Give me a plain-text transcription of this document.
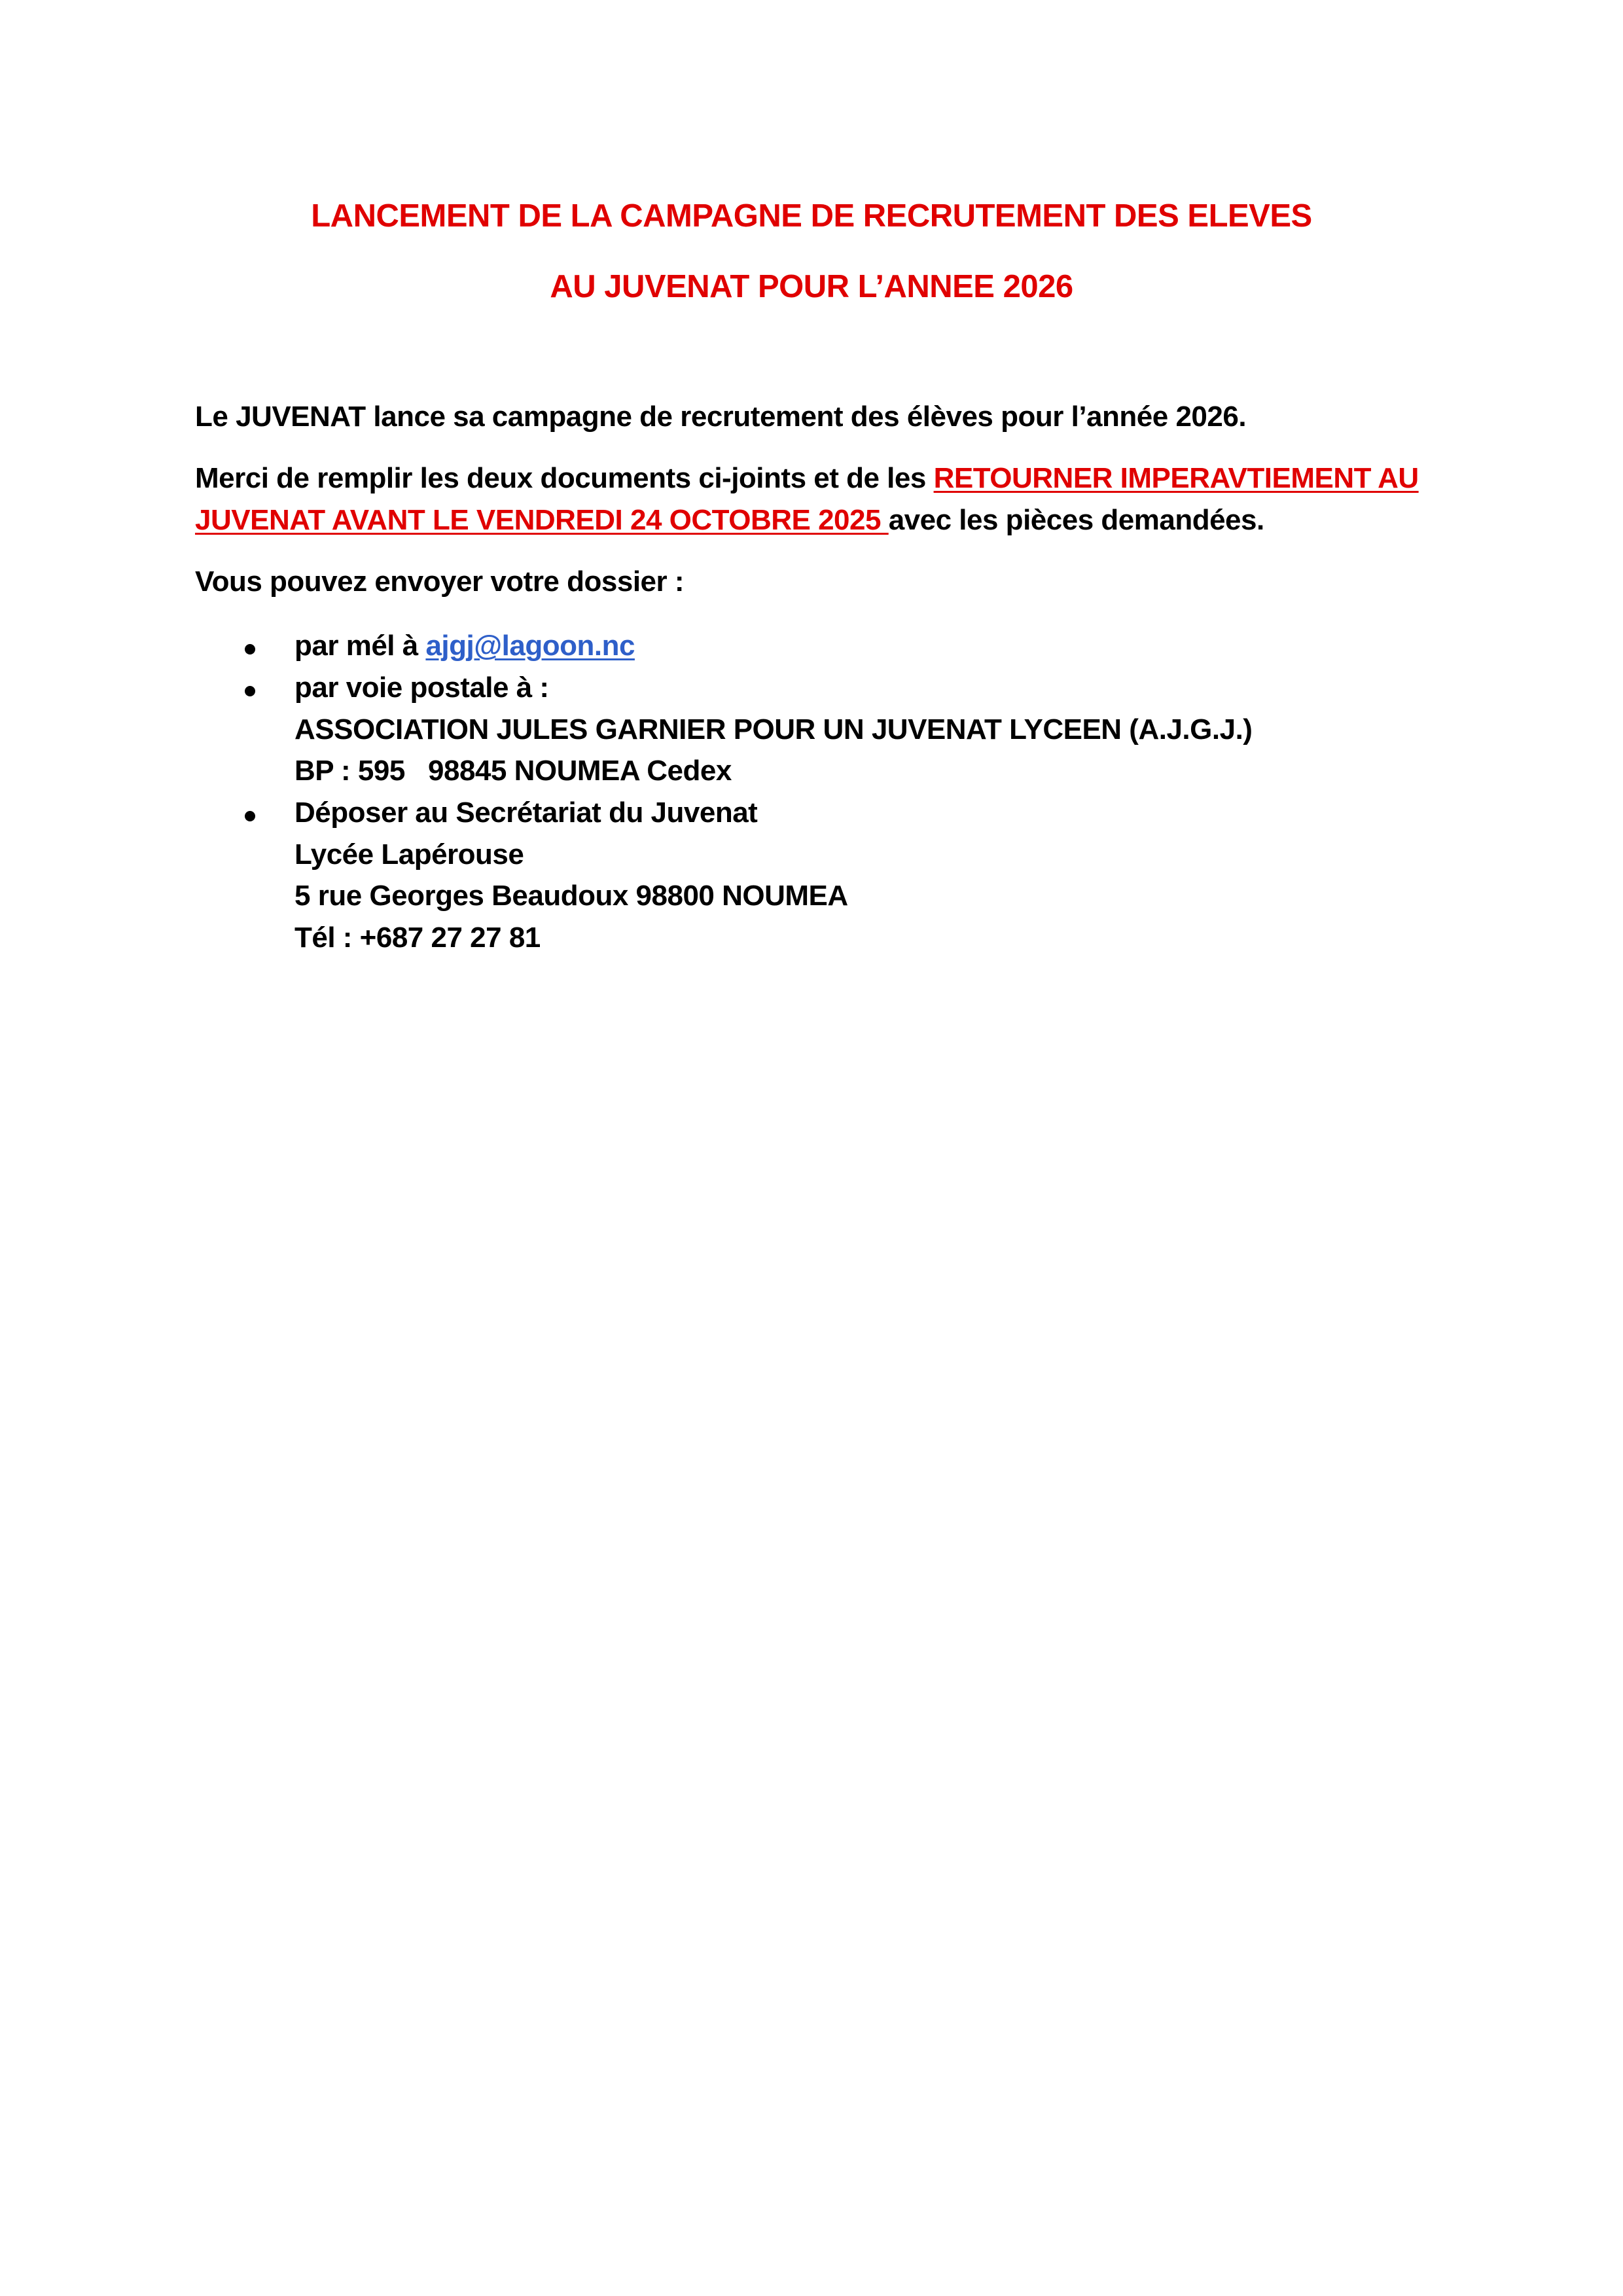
LANCEMENT DE LA CAMPAGNE DE RECRUTEMENT DES ELEVES
AU JUVENAT POUR L’ANNEE 2026
Le JUVENAT lance sa campagne de recrutement des élèves pour l’année 2026.
Merci de remplir les deux documents ci-joints et de les RETOURNER IMPERAVTIEMENT AU
JUVENAT AVANT LE VENDREDI 24 OCTOBRE 2025 avec les pièces demandées.
Vous pouvez envoyer votre dossier :
par mél à ajgj@lagoon.nc
par voie postale à :
ASSOCIATION JULES GARNIER POUR UN JUVENAT LYCEEN (A.J.G.J.)
BP : 595   98845 NOUMEA Cedex
Déposer au Secrétariat du Juvenat
Lycée Lapérouse
5 rue Georges Beaudoux 98800 NOUMEA
Tél : +687 27 27 81
